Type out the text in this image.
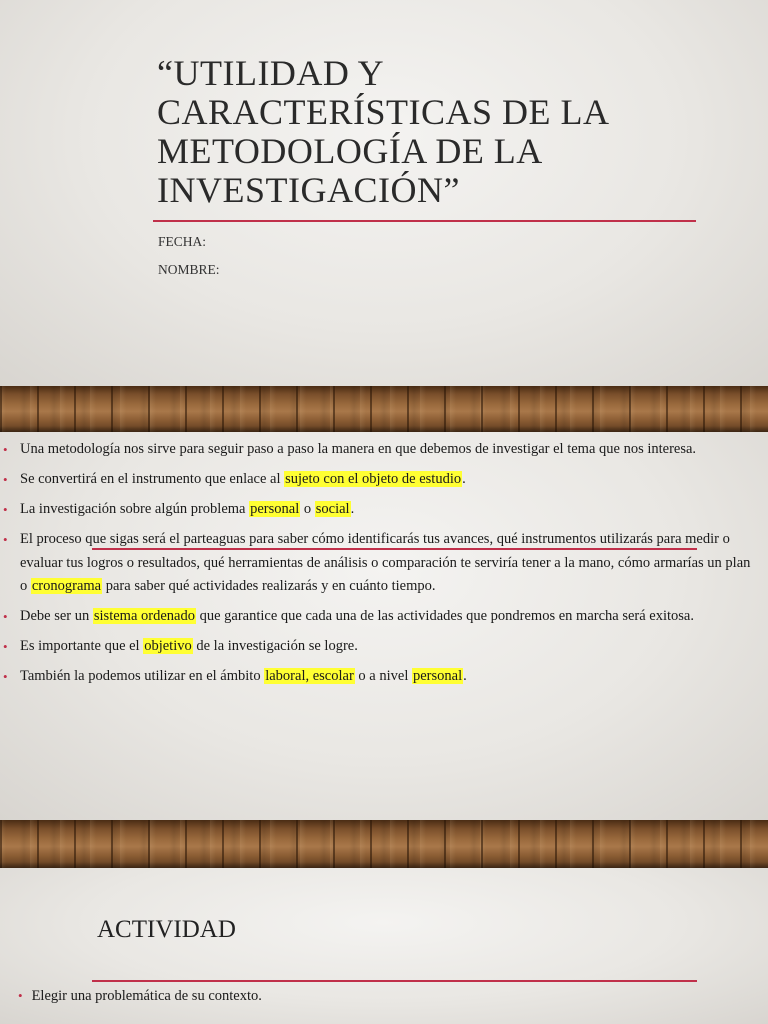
“UTILIDAD Y CARACTERÍSTICAS DE LA METODOLOGÍA DE LA INVESTIGACIÓN”
FECHA:
NOMBRE:
• Una metodología nos sirve para seguir paso a paso la manera en que debemos de investigar el tema que nos interesa.
• Se convertirá en el instrumento que enlace al sujeto con el objeto de estudio.
• La investigación sobre algún problema personal o social.
• El proceso que sigas será el parteaguas para saber cómo identificarás tus avances, qué instrumentos utilizarás para medir o evaluar tus logros o resultados, qué herramientas de análisis o comparación te serviría tener a la mano, cómo armarías un plan o cronograma para saber qué actividades realizarás y en cuánto tiempo.
• Debe ser un sistema ordenado que garantice que cada una de las actividades que pondremos en marcha será exitosa.
• Es importante que el objetivo de la investigación se logre.
• También la podemos utilizar en el ámbito laboral, escolar o a nivel personal.
ACTIVIDAD
• Elegir una problemática de su contexto.
